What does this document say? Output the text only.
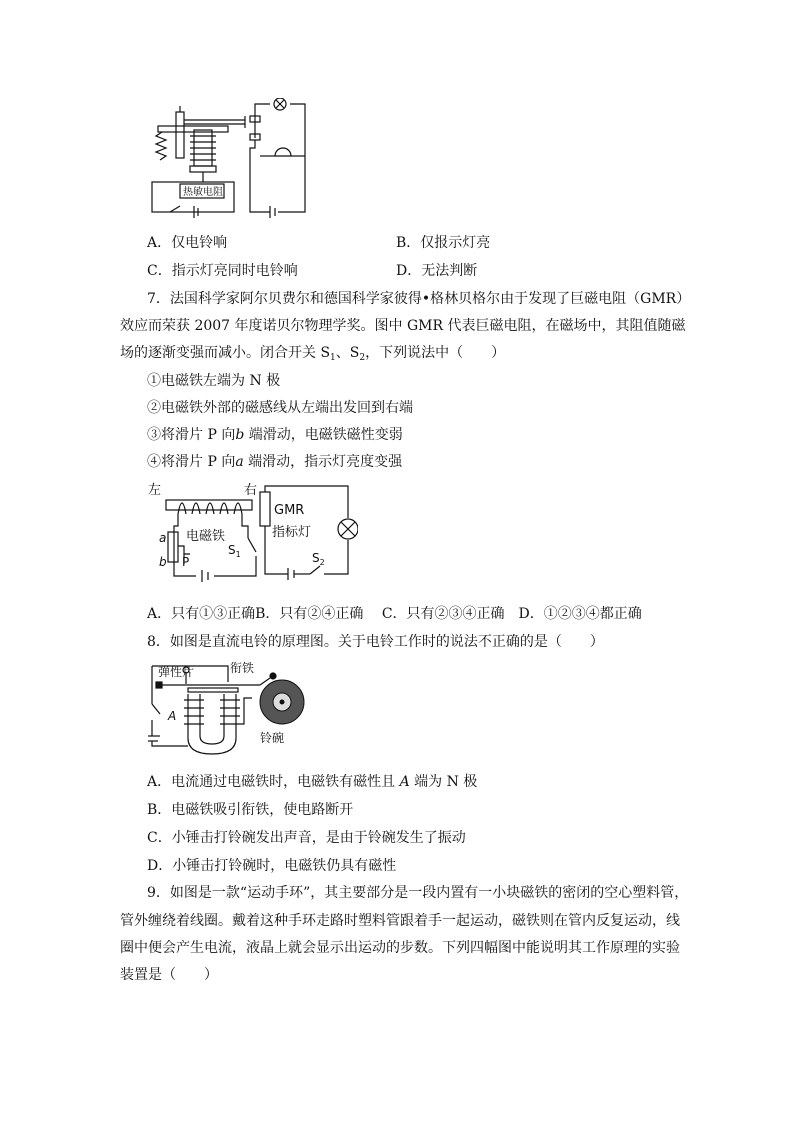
热敏电阻
A．仅电铃响	B．仅报示灯亮
C．指示灯亮同时电铃响	D．无法判断
7．法国科学家阿尔贝费尔和德国科学家彼得•格林贝格尔由于发现了巨磁电阻（GMR）
效应而荣获 2007 年度诺贝尔物理学奖。图中 GMR 代表巨磁电阻，在磁场中，其阻值随磁
场的逐渐变强而减小。闭合开关 $S_1$、$S_2$，下列说法中（　　）
①电磁铁左端为 N 极
②电磁铁外部的磁感线从左端出发回到右端
③将滑片 P 向b 端滑动，电磁铁磁性变弱
④将滑片 P 向a 端滑动，指示灯亮度变强
左	右
GMR
指标灯
电磁铁
a
b P
$S_1$	$S_2$
A．只有①③正确B．只有②④正确　 C．只有②③④正确　D．①②③④都正确
8．如图是直流电铃的原理图。关于电铃工作时的说法不正确的是（　　）
弹性片	衔铁
A
铃碗
A．电流通过电磁铁时，电磁铁有磁性且 A 端为 N 极
B．电磁铁吸引衔铁，使电路断开
C．小锤击打铃碗发出声音，是由于铃碗发生了振动
D．小锤击打铃碗时，电磁铁仍具有磁性
9．如图是一款“运动手环”，其主要部分是一段内置有一小块磁铁的密闭的空心塑料管，
管外缠绕着线圈。戴着这种手环走路时塑料管跟着手一起运动，磁铁则在管内反复运动，线
圈中便会产生电流，液晶上就会显示出运动的步数。下列四幅图中能说明其工作原理的实验
装置是（　　）
